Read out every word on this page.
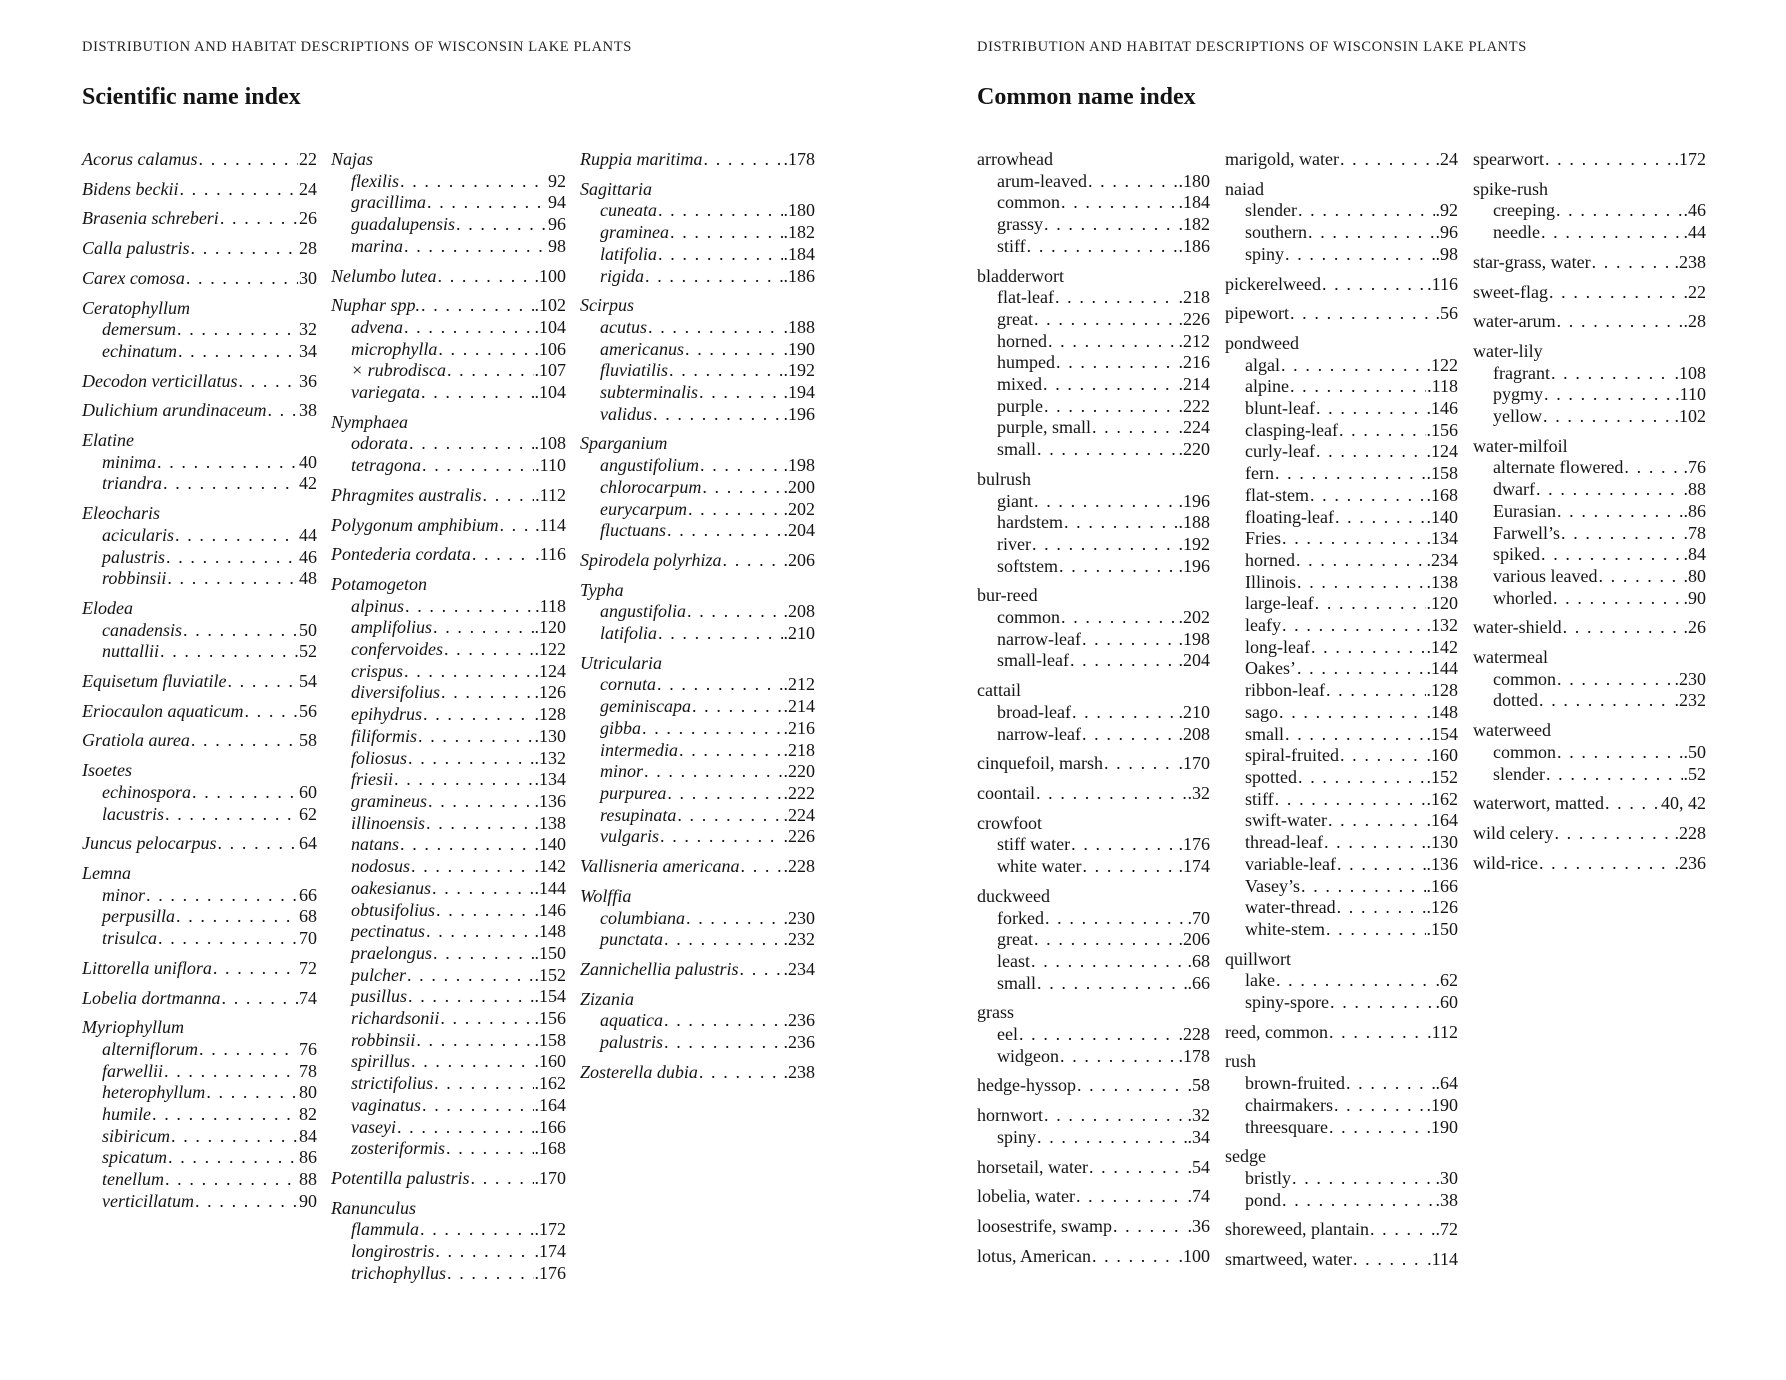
DISTRIBUTION AND HABITAT DESCRIPTIONS OF WISCONSIN LAKE PLANTS
Scientific name index
Acorus calamus . . .	22
Bidens beckii . . .	24
Brasenia schreberi . . .	26
Calla palustris . . .	28
Carex comosa . . .	30
Ceratophyllum
demersum . . .	32
echinatum . . .	34
Decodon verticillatus . . .	36
Dulichium arundinaceum . . . 38
Elatine
minima . . .	40
triandra . . .	42
Eleocharis
acicularis . . .	44
palustris . . .	46
robbinsii . . .	48
Elodea
canadensis . . .	50
nuttallii . . .	52
Equisetum fluviatile . . .	54
Eriocaulon aquaticum . . .	56
Gratiola aurea . . .	58
Isoetes
echinospora . . .	60
lacustris . . .	62
Juncus pelocarpus . . .	64
Lemna
minor . . .	66
perpusilla . . .	68
trisulca . . .	70
Littorella uniflora . . .	72
Lobelia dortmanna . . .	74
Myriophyllum
alterniflorum . . .	76
farwellii . . .	78
heterophyllum . . .	80
humile . . .	82
sibiricum . . .	84
spicatum . . .	86
tenellum . . .	88
verticillatum . . .	90
Najas
flexilis . . .	92
gracillima . . .	94
guadalupensis . . .	96
marina . . .	98
Nelumbo lutea . . .	.100
Nuphar spp. . . .	.102
advena . . .	.104
microphylla . . .	.106
× rubrodisca . . .	.107
variegata . . .	.104
Nymphaea
odorata . . .	.108
tetragona . . .	.110
Phragmites australis . . .	.112
Polygonum amphibium . . . .114
Pontederia cordata . . .	.116
Potamogeton
alpinus . . .	.118
amplifolius . . .	.120
confervoides . . .	.122
crispus . . .	.124
diversifolius . . .	.126
epihydrus . . .	.128
filiformis . . .	.130
foliosus . . .	.132
friesii . . .	.134
gramineus . . .	.136
illinoensis . . .	.138
natans . . .	.140
nodosus . . .	.142
oakesianus . . .	.144
obtusifolius . . .	.146
pectinatus . . .	.148
praelongus . . .	.150
pulcher . . .	.152
pusillus . . .	.154
richardsonii . . .	.156
robbinsii . . .	.158
spirillus . . .	.160
strictifolius . . .	.162
vaginatus . . .	.164
vaseyi . . .	.166
zosteriformis . . .	.168
Potentilla palustris . . .	.170
Ranunculus
flammula . . .	.172
longirostris . . .	.174
trichophyllus . . .	.176
Ruppia maritima . . .	.178
Sagittaria
cuneata . . .	.180
graminea . . .	.182
latifolia . . .	.184
rigida . . .	.186
Scirpus
acutus . . .	.188
americanus . . .	.190
fluviatilis . . .	.192
subterminalis . . .	.194
validus . . .	.196
Sparganium
angustifolium . . .	.198
chlorocarpum . . .	.200
eurycarpum . . .	.202
fluctuans . . .	.204
Spirodela polyrhiza . . .	.206
Typha
angustifolia . . .	.208
latifolia . . .	.210
Utricularia
cornuta . . .	.212
geminiscapa . . .	.214
gibba . . .	.216
intermedia . . .	.218
minor . . .	.220
purpurea . . .	.222
resupinata . . .	.224
vulgaris . . .	.226
Vallisneria americana . . . .228
Wolffia
columbiana . . .	.230
punctata . . .	.232
Zannichellia palustris . . . .234
Zizania
aquatica . . .	.236
palustris . . .	.236
Zosterella dubia . . .	.238
DISTRIBUTION AND HABITAT DESCRIPTIONS OF WISCONSIN LAKE PLANTS
Common name index
arrowhead
arum-leaved . . .	.180
common . . .	.184
grassy . . .	.182
stiff . . .	.186
bladderwort
flat-leaf . . .	.218
great . . .	.226
horned . . .	.212
humped . . .	.216
mixed . . .	.214
purple . . .	.222
purple, small . . .	.224
small . . .	.220
bulrush
giant . . .	.196
hardstem . . .	.188
river . . .	.192
softstem . . .	.196
bur-reed
common . . .	.202
narrow-leaf . . .	.198
small-leaf . . .	.204
cattail
broad-leaf . . .	.210
narrow-leaf . . .	.208
cinquefoil, marsh . . .	.170
coontail . . .	.32
crowfoot
stiff water . . .	.176
white water . . .	.174
duckweed
forked . . .	.70
great . . .	.206
least . . .	.68
small . . .	.66
grass
eel . . .	.228
widgeon . . .	.178
hedge-hyssop . . .	.58
hornwort . . .	.32
spiny . . .	.34
horsetail, water . . .	.54
lobelia, water . . .	.74
loosestrife, swamp . . .	.36
lotus, American . . .	.100
marigold, water . . .	.24
naiad
slender . . .	.92
southern . . .	.96
spiny . . .	.98
pickerelweed . . .	.116
pipewort . . .	.56
pondweed
algal . . .	.122
alpine . . .	.118
blunt-leaf . . .	.146
clasping-leaf . . .	.156
curly-leaf . . .	.124
fern . . .	.158
flat-stem . . .	.168
floating-leaf . . .	.140
Fries . . .	.134
horned . . .	.234
Illinois . . .	.138
large-leaf . . .	.120
leafy . . .	.132
long-leaf . . .	.142
Oakes’ . . .	.144
ribbon-leaf . . .	.128
sago . . .	.148
small . . .	.154
spiral-fruited . . .	.160
spotted . . .	.152
stiff . . .	.162
swift-water . . .	.164
thread-leaf . . .	.130
variable-leaf . . .	.136
Vasey’s . . .	.166
water-thread . . .	.126
white-stem . . .	.150
quillwort
lake . . .	.62
spiny-spore . . .	.60
reed, common . . .	.112
rush
brown-fruited . . .	.64
chairmakers . . .	.190
threesquare . . .	.190
sedge
bristly . . .	.30
pond . . .	.38
shoreweed, plantain . . .	.72
smartweed, water . . .	.114
spearwort . . .	.172
spike-rush
creeping . . .	.46
needle . . .	.44
star-grass, water . . .	.238
sweet-flag . . .	.22
water-arum . . .	.28
water-lily
fragrant . . .	.108
pygmy . . .	.110
yellow . . .	.102
water-milfoil
alternate flowered . . .	.76
dwarf . . .	.88
Eurasian . . .	.86
Farwell’s . . .	.78
spiked . . .	.84
various leaved . . .	.80
whorled . . .	.90
water-shield . . .	.26
watermeal
common . . .	.230
dotted . . .	.232
waterweed
common . . .	.50
slender . . .	.52
waterwort, matted . . .	40, 42
wild celery . . .	.228
wild-rice . . .	.236
